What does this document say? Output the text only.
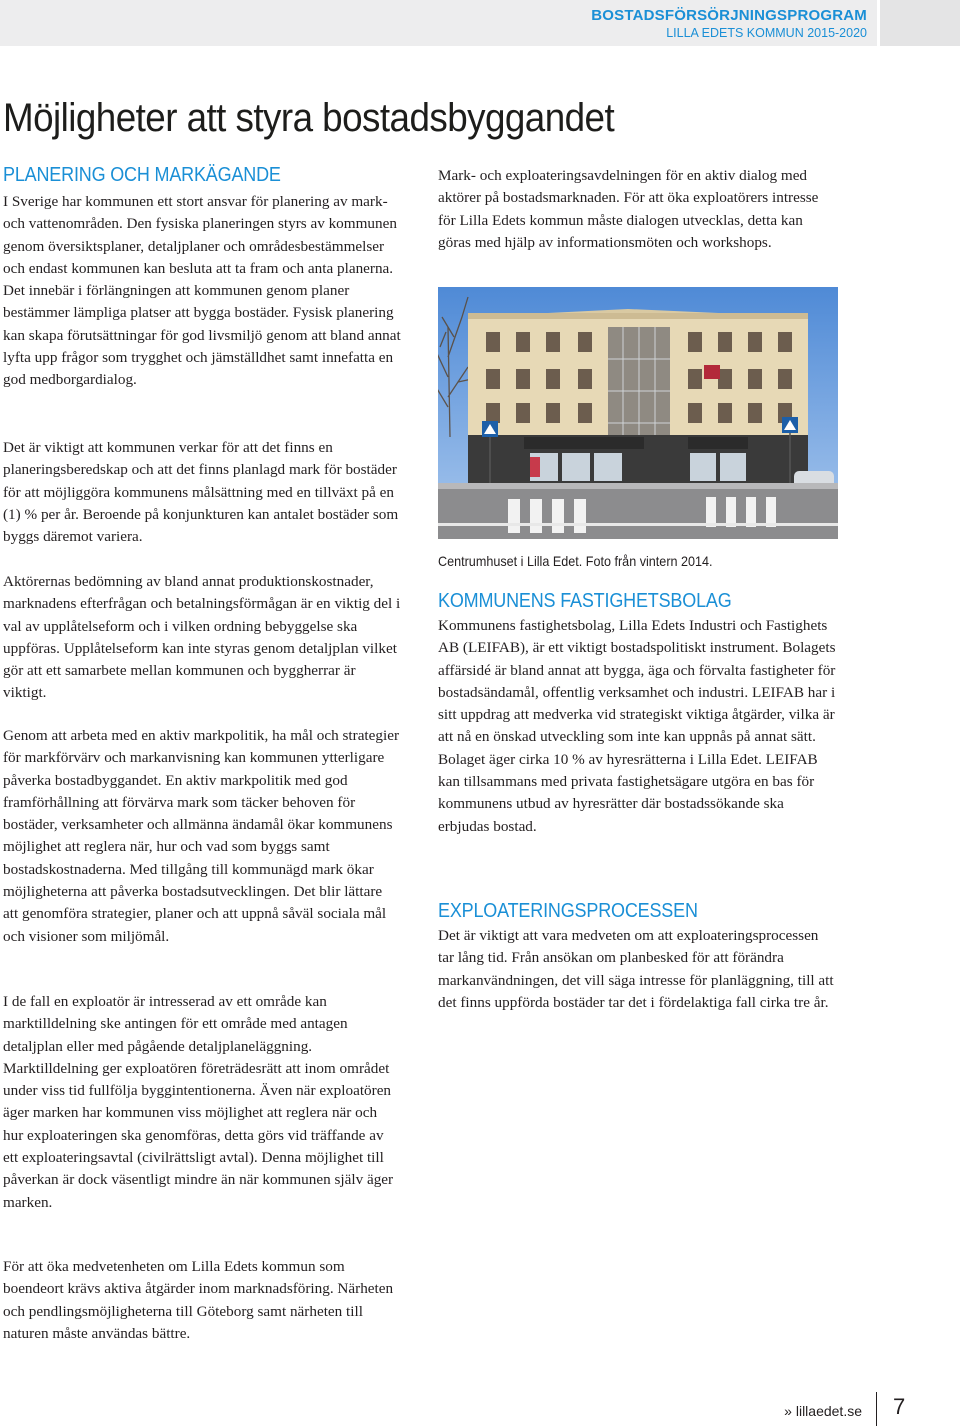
BOSTADSFÖRSÖRJNINGSPROGRAM
LILLA EDETS KOMMUN 2015-2020
Möjligheter att styra bostadsbyggandet
PLANERING OCH MARKÄGANDE

I Sverige har kommunen ett stort ansvar för planering av mark- och vattenområden. Den fysiska planeringen styrs av kommunen genom översiktsplaner, detaljplaner och områdesbestämmelser och endast kommunen kan besluta att ta fram och anta planerna. Det innebär i förlängningen att kommunen genom planer bestämmer lämpliga platser att bygga bostäder. Fysisk planering kan skapa förutsättningar för god livsmiljö genom att bland annat lyfta upp frågor som trygghet och jämställdhet samt innefatta en god medborgardialog.

Det är viktigt att kommunen verkar för att det finns en planeringsberedskap och att det finns planlagd mark för bostäder för att möjliggöra kommunens målsättning med en tillväxt på en (1) % per år. Beroende på konjunkturen kan antalet bostäder som byggs däremot variera.

Aktörernas bedömning av bland annat produktionskostnader, marknadens efterfrågan och betalningsförmågan är en viktig del i val av upplåtelseform och i vilken ordning bebyggelse ska uppföras. Upplåtelseform kan inte styras genom detaljplan vilket gör att ett samarbete mellan kommunen och byggherrar är viktigt.

Genom att arbeta med en aktiv markpolitik, ha mål och strategier för markförvärv och markanvisning kan kommunen ytterligare påverka bostadbyggandet. En aktiv markpolitik med god framförhållning att förvärva mark som täcker behoven för bostäder, verksamheter och allmänna ändamål ökar kommunens möjlighet att reglera när, hur och vad som byggs samt bostadskostnaderna. Med tillgång till kommunägd mark ökar möjligheterna att påverka bostadsutvecklingen. Det blir lättare att genomföra strategier, planer och att uppnå såväl sociala mål och visioner som miljömål.

I de fall en exploatör är intresserad av ett område kan marktilldelning ske antingen för ett område med antagen detaljplan eller med pågående detaljplaneläggning. Marktilldelning ger exploatören företrädesrätt att inom området under viss tid fullfölja byggintentionerna. Även när exploatören äger marken har kommunen viss möjlighet att reglera när och hur exploateringen ska genomföras, detta görs vid träffande av ett exploateringsavtal (civilrättsligt avtal). Denna möjlighet till påverkan är dock väsentligt mindre än när kommunen själv äger marken.

För att öka medvetenheten om Lilla Edets kommun som boendeort krävs aktiva åtgärder inom marknadsföring. Närheten och pendlingsmöjligheterna till Göteborg samt närheten till naturen måste användas bättre.

Mark- och exploateringsavdelningen för en aktiv dialog med aktörer på bostadsmarknaden. För att öka exploatörers intresse för Lilla Edets kommun måste dialogen utvecklas, detta kan göras med hjälp av informationsmöten och workshops.

Centrumhuset i Lilla Edet. Foto från vintern 2014.
KOMMUNENS FASTIGHETSBOLAG

Kommunens fastighetsbolag, Lilla Edets Industri och Fastighets AB (LEIFAB), är ett viktigt bostadspolitiskt instrument. Bolagets affärsidé är bland annat att bygga, äga och förvalta fastigheter för bostadsändamål, offentlig verksamhet och industri. LEIFAB har i sitt uppdrag att medverka vid strategiskt viktiga åtgärder, vilka är att nå en önskad utveckling som inte kan uppnås på annat sätt. Bolaget äger cirka 10 % av hyresrätterna i Lilla Edet. LEIFAB kan tillsammans med privata fastighetsägare utgöra en bas för kommunens utbud av hyresrätter där bostadssökande ska erbjudas bostad.

EXPLOATERINGSPROCESSEN

Det är viktigt att vara medveten om att exploateringsprocessen tar lång tid. Från ansökan om planbesked för att förändra markanvändningen, det vill säga intresse för planläggning, till att det finns uppförda bostäder tar det i fördelaktiga fall cirka tre år.

» lillaedet.se 7
